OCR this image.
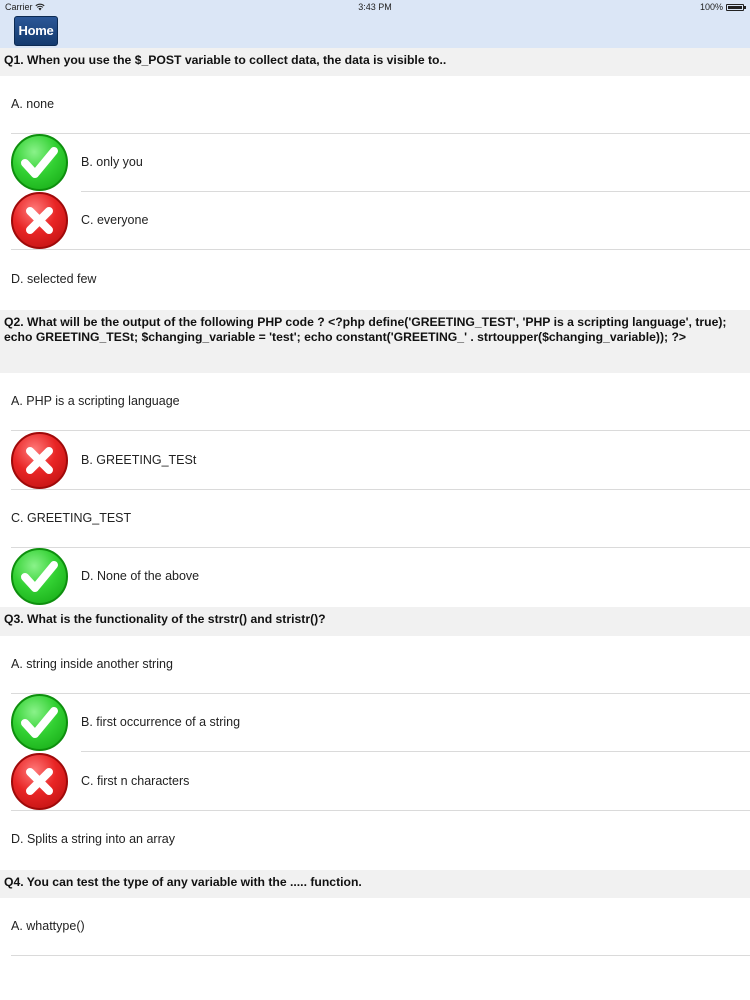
Carrier	3:43 PM	100%
Home
Q1. When you use the $_POST variable to collect data, the data is visible to..
A. none
B. only you
C. everyone
D. selected few
Q2. What will be the output of the following PHP code ? <?php define('GREETING_TEST', 'PHP is a scripting language', true); echo GREETING_TESt; $changing_variable = 'test'; echo constant('GREETING_' . strtoupper($changing_variable)); ?>
A. PHP is a scripting language
B. GREETING_TESt
C. GREETING_TEST
D. None of the above
Q3. What is the functionality of the strstr() and stristr()?
A. string inside another string
B. first occurrence of a string
C. first n characters
D. Splits a string into an array
Q4. You can test the type of any variable with the ..... function.
A. whattype()
